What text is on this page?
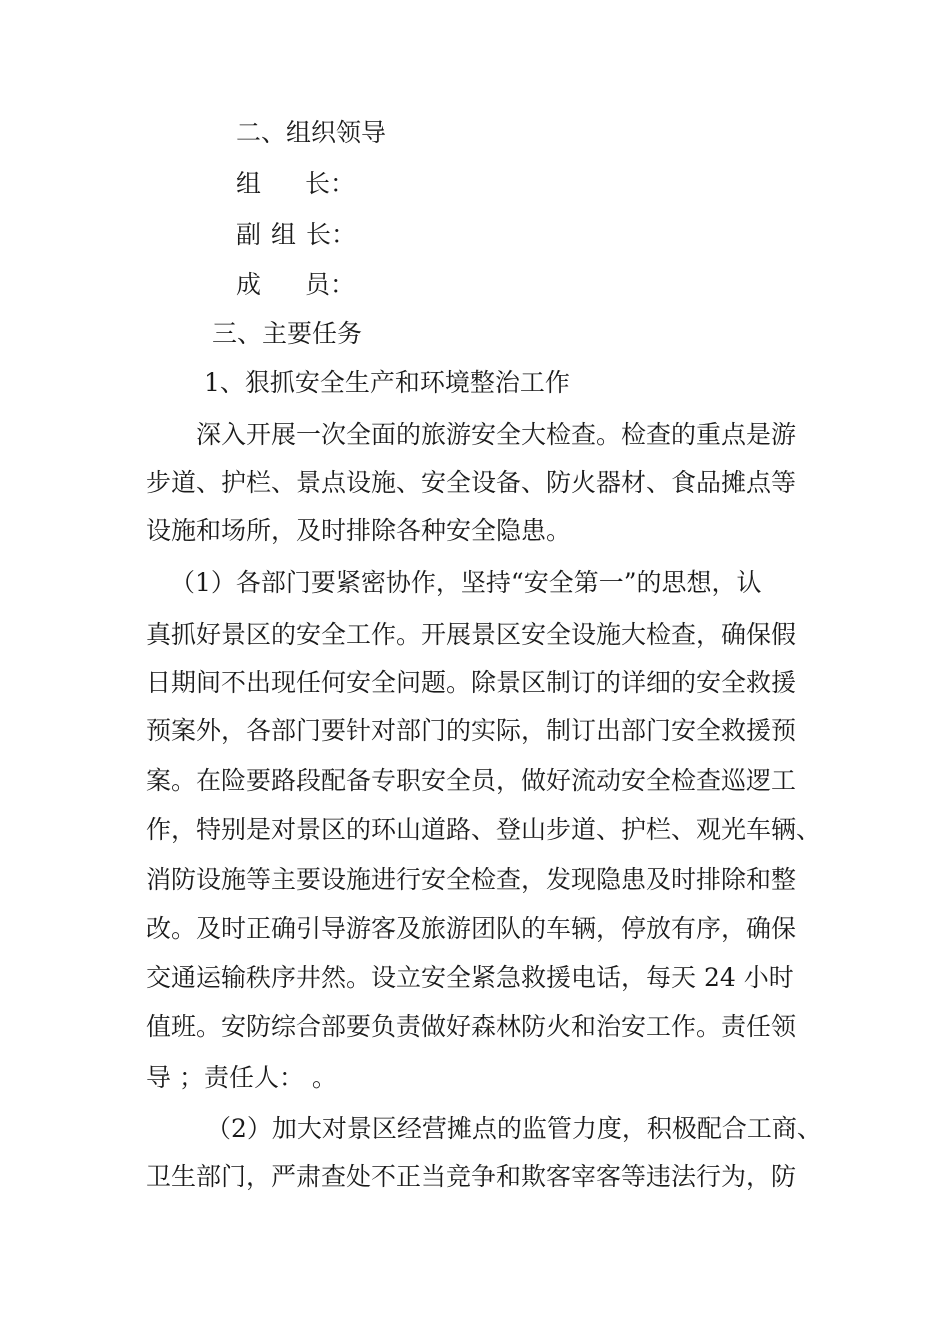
二、组织领导
组 长：
副 组 长：
成 员：
三、主要任务
1、狠抓安全生产和环境整治工作
深入开展一次全面的旅游安全大检查。检查的重点是游
步道、护栏、景点设施、安全设备、防火器材、食品摊点等
设施和场所，及时排除各种安全隐患。
（1）各部门要紧密协作，坚持“安全第一”的思想，认
真抓好景区的安全工作。开展景区安全设施大检查，确保假
日期间不出现任何安全问题。除景区制订的详细的安全救援
预案外，各部门要针对部门的实际，制订出部门安全救援预
案。在险要路段配备专职安全员，做好流动安全检查巡逻工
作，特别是对景区的环山道路、登山步道、护栏、观光车辆、
消防设施等主要设施进行安全检查，发现隐患及时排除和整
改。及时正确引导游客及旅游团队的车辆，停放有序，确保
交通运输秩序井然。设立安全紧急救援电话，每天 24 小时
值班。安防综合部要负责做好森林防火和治安工作。责任领
导 ；责任人： 。
（2）加大对景区经营摊点的监管力度，积极配合工商、
卫生部门，严肃查处不正当竞争和欺客宰客等违法行为，防
